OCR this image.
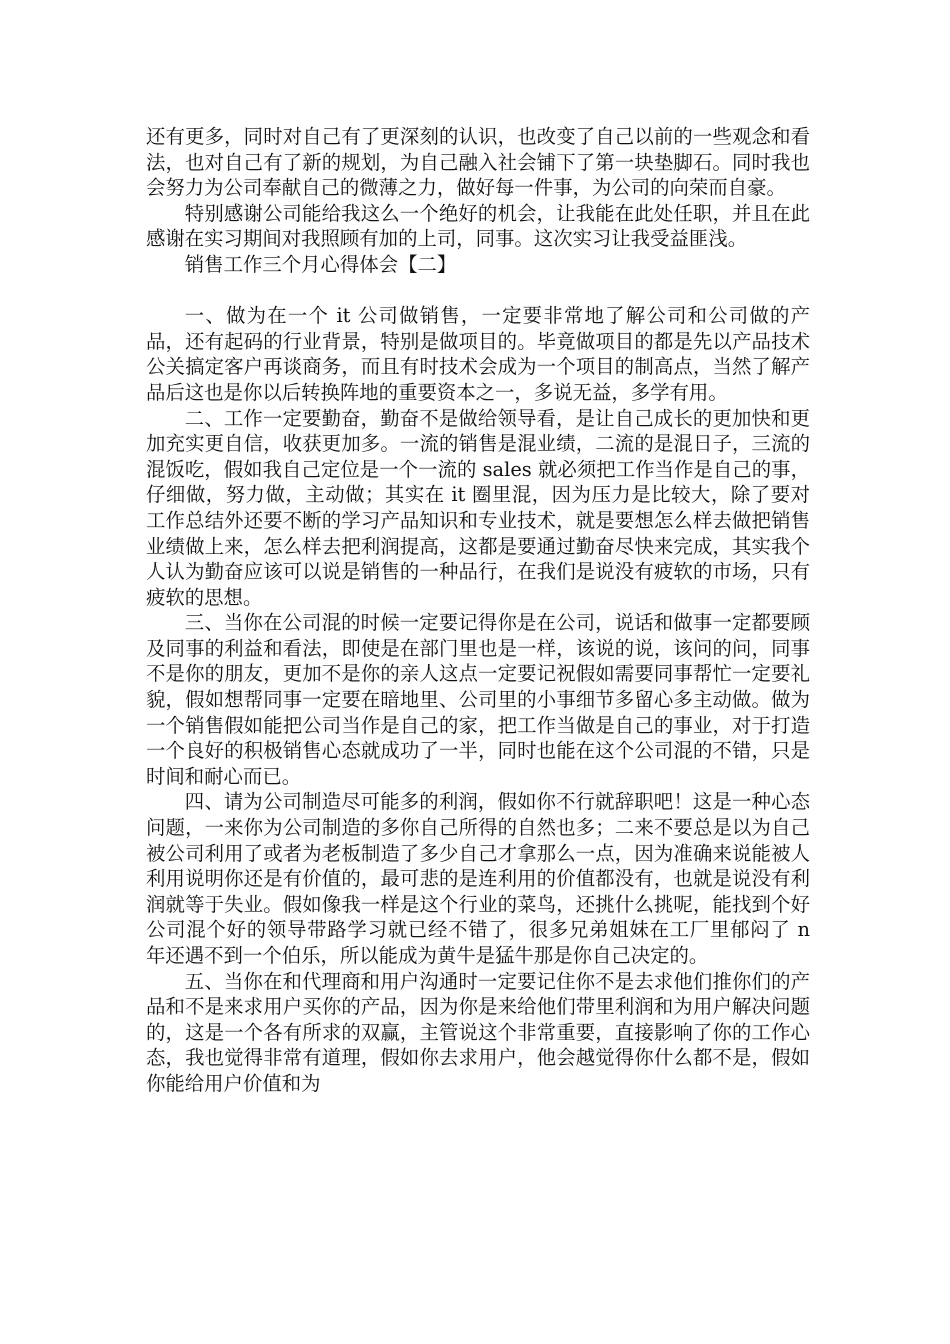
还有更多，同时对自己有了更深刻的认识，也改变了自己以前的一些观念和看法，也对自己有了新的规划，为自己融入社会铺下了第一块垫脚石。同时我也会努力为公司奉献自己的微薄之力，做好每一件事，为公司的向荣而自豪。

特别感谢公司能给我这么一个绝好的机会，让我能在此处任职，并且在此感谢在实习期间对我照顾有加的上司，同事。这次实习让我受益匪浅。

销售工作三个月心得体会【二】

一、做为在一个 it 公司做销售，一定要非常地了解公司和公司做的产品，还有起码的行业背景，特别是做项目的。毕竟做项目的都是先以产品技术公关搞定客户再谈商务，而且有时技术会成为一个项目的制高点，当然了解产品后这也是你以后转换阵地的重要资本之一，多说无益，多学有用。

二、工作一定要勤奋，勤奋不是做给领导看，是让自己成长的更加快和更加充实更自信，收获更加多。一流的销售是混业绩，二流的是混日子，三流的混饭吃，假如我自己定位是一个一流的 sales 就必须把工作当作是自己的事，仔细做，努力做，主动做；其实在 it 圈里混，因为压力是比较大，除了要对工作总结外还要不断的学习产品知识和专业技术，就是要想怎么样去做把销售业绩做上来，怎么样去把利润提高，这都是要通过勤奋尽快来完成，其实我个人认为勤奋应该可以说是销售的一种品行，在我们是说没有疲软的市场，只有疲软的思想。

三、当你在公司混的时候一定要记得你是在公司，说话和做事一定都要顾及同事的利益和看法，即使是在部门里也是一样，该说的说，该问的问，同事不是你的朋友，更加不是你的亲人这点一定要记祝假如需要同事帮忙一定要礼貌，假如想帮同事一定要在暗地里、公司里的小事细节多留心多主动做。做为一个销售假如能把公司当作是自己的家，把工作当做是自己的事业，对于打造一个良好的积极销售心态就成功了一半，同时也能在这个公司混的不错，只是时间和耐心而已。

四、请为公司制造尽可能多的利润，假如你不行就辞职吧！这是一种心态问题，一来你为公司制造的多你自己所得的自然也多；二来不要总是以为自己被公司利用了或者为老板制造了多少自己才拿那么一点，因为准确来说能被人利用说明你还是有价值的，最可悲的是连利用的价值都没有，也就是说没有利润就等于失业。假如像我一样是这个行业的菜鸟，还挑什么挑呢，能找到个好公司混个好的领导带路学习就已经不错了，很多兄弟姐妹在工厂里郁闷了 n 年还遇不到一个伯乐，所以能成为黄牛是猛牛那是你自己决定的。

五、当你在和代理商和用户沟通时一定要记住你不是去求他们推你们的产品和不是来求用户买你的产品，因为你是来给他们带里利润和为用户解决问题的，这是一个各有所求的双赢，主管说这个非常重要，直接影响了你的工作心态，我也觉得非常有道理，假如你去求用户，他会越觉得你什么都不是，假如你能给用户价值和为
